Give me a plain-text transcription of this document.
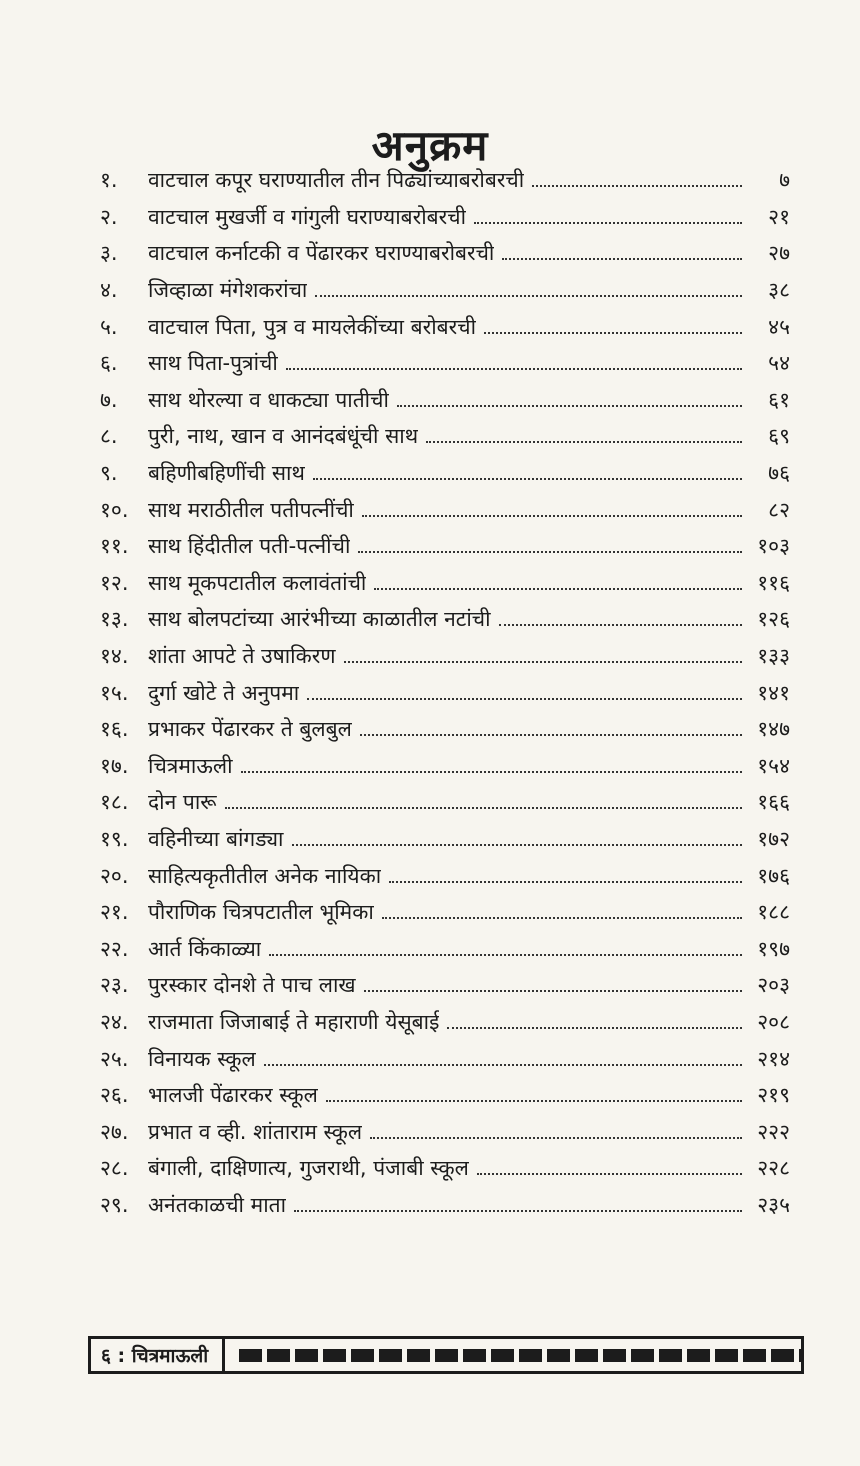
अनुक्रम
१.	वाटचाल कपूर घराण्यातील तीन पिढ्यांच्याबरोबरची	७
२.	वाटचाल मुखर्जी व गांगुली घराण्याबरोबरची	२१
३.	वाटचाल कर्नाटकी व पेंढारकर घराण्याबरोबरची	२७
४.	जिव्हाळा मंगेशकरांचा	३८
५.	वाटचाल पिता, पुत्र व मायलेकींच्या बरोबरची	४५
६.	साथ पिता-पुत्रांची	५४
७.	साथ थोरल्या व धाकट्या पातीची	६१
८.	पुरी, नाथ, खान व आनंदबंधूंची साथ	६९
९.	बहिणीबहिणींची साथ	७६
१०. साथ मराठीतील पतीपत्नींची	८२
११. साथ हिंदीतील पती-पत्नींची	१०३
१२. साथ मूकपटातील कलावंतांची	११६
१३. साथ बोलपटांच्या आरंभीच्या काळातील नटांची	१२६
१४. शांता आपटे ते उषाकिरण	१३३
१५. दुर्गा खोटे ते अनुपमा	१४१
१६. प्रभाकर पेंढारकर ते बुलबुल	१४७
१७. चित्रमाऊली	१५४
१८. दोन पारू	१६६
१९. वहिनीच्या बांगड्या	१७२
२०. साहित्यकृतीतील अनेक नायिका	१७६
२१. पौराणिक चित्रपटातील भूमिका	१८८
२२. आर्त किंकाळ्या	१९७
२३. पुरस्कार दोनशे ते पाच लाख	२०३
२४. राजमाता जिजाबाई ते महाराणी येसूबाई	२०८
२५. विनायक स्कूल	२१४
२६. भालजी पेंढारकर स्कूल	२१९
२७. प्रभात व व्ही. शांताराम स्कूल	२२२
२८. बंगाली, दाक्षिणात्य, गुजराथी, पंजाबी स्कूल	२२८
२९. अनंतकाळची माता	२३५
६ : चित्रमाऊली
